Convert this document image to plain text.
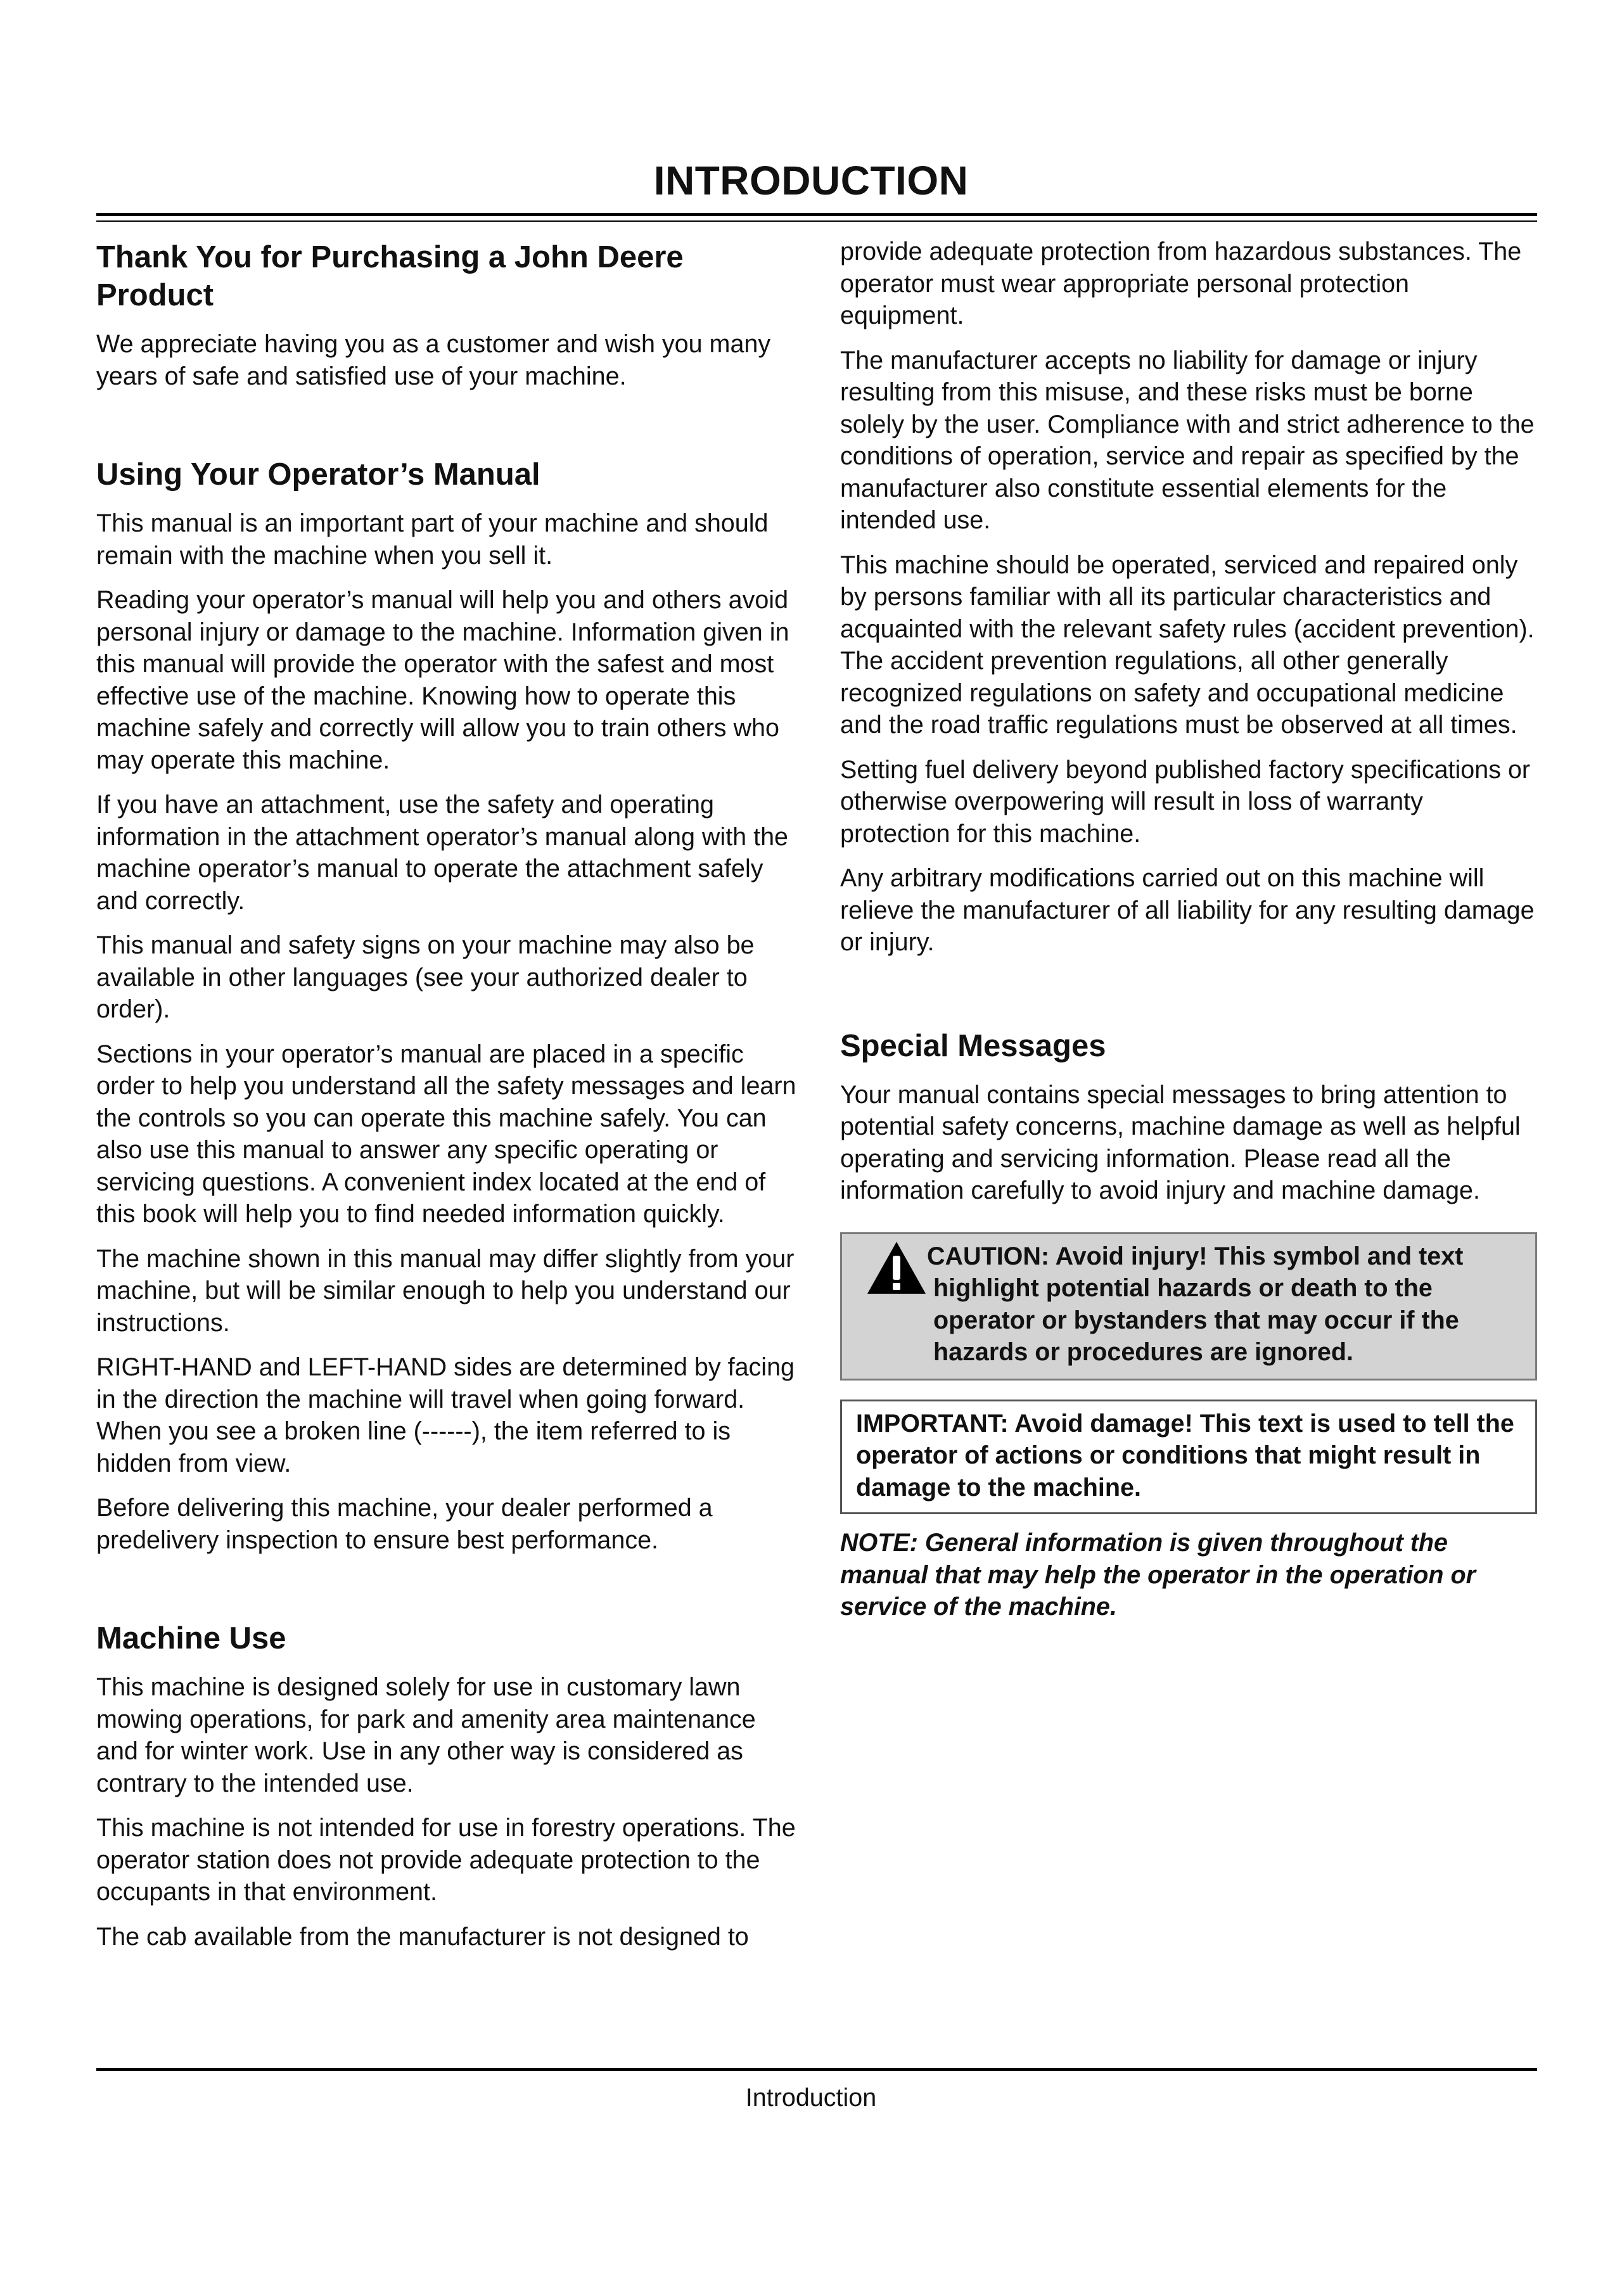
INTRODUCTION
Thank You for Purchasing a John Deere Product

We appreciate having you as a customer and wish you many years of safe and satisfied use of your machine.

Using Your Operator’s Manual

This manual is an important part of your machine and should remain with the machine when you sell it.

Reading your operator’s manual will help you and others avoid personal injury or damage to the machine. Information given in this manual will provide the operator with the safest and most effective use of the machine. Knowing how to operate this machine safely and correctly will allow you to train others who may operate this machine.

If you have an attachment, use the safety and operating information in the attachment operator’s manual along with the machine operator’s manual to operate the attachment safely and correctly.

This manual and safety signs on your machine may also be available in other languages (see your authorized dealer to order).

Sections in your operator’s manual are placed in a specific order to help you understand all the safety messages and learn the controls so you can operate this machine safely. You can also use this manual to answer any specific operating or servicing questions. A convenient index located at the end of this book will help you to find needed information quickly.

The machine shown in this manual may differ slightly from your machine, but will be similar enough to help you understand our instructions.

RIGHT-HAND and LEFT-HAND sides are determined by facing in the direction the machine will travel when going forward. When you see a broken line (------), the item referred to is hidden from view.

Before delivering this machine, your dealer performed a predelivery inspection to ensure best performance.

Machine Use

This machine is designed solely for use in customary lawn mowing operations, for park and amenity area maintenance and for winter work. Use in any other way is considered as contrary to the intended use.

This machine is not intended for use in forestry operations. The operator station does not provide adequate protection to the occupants in that environment.

The cab available from the manufacturer is not designed to

provide adequate protection from hazardous substances. The operator must wear appropriate personal protection equipment.

The manufacturer accepts no liability for damage or injury resulting from this misuse, and these risks must be borne solely by the user. Compliance with and strict adherence to the conditions of operation, service and repair as specified by the manufacturer also constitute essential elements for the intended use.

This machine should be operated, serviced and repaired only by persons familiar with all its particular characteristics and acquainted with the relevant safety rules (accident prevention). The accident prevention regulations, all other generally recognized regulations on safety and occupational medicine and the road traffic regulations must be observed at all times.

Setting fuel delivery beyond published factory specifications or otherwise overpowering will result in loss of warranty protection for this machine.

Any arbitrary modifications carried out on this machine will relieve the manufacturer of all liability for any resulting damage or injury.

Special Messages

Your manual contains special messages to bring attention to potential safety concerns, machine damage as well as helpful operating and servicing information. Please read all the information carefully to avoid injury and machine damage.

CAUTION: Avoid injury! This symbol and text
highlight potential hazards or death to the operator or bystanders that may occur if the hazards or procedures are ignored.
IMPORTANT: Avoid damage! This text is used to tell the operator of actions or conditions that might result in damage to the machine.

NOTE: General information is given throughout the manual that may help the operator in the operation or service of the machine.

Introduction
